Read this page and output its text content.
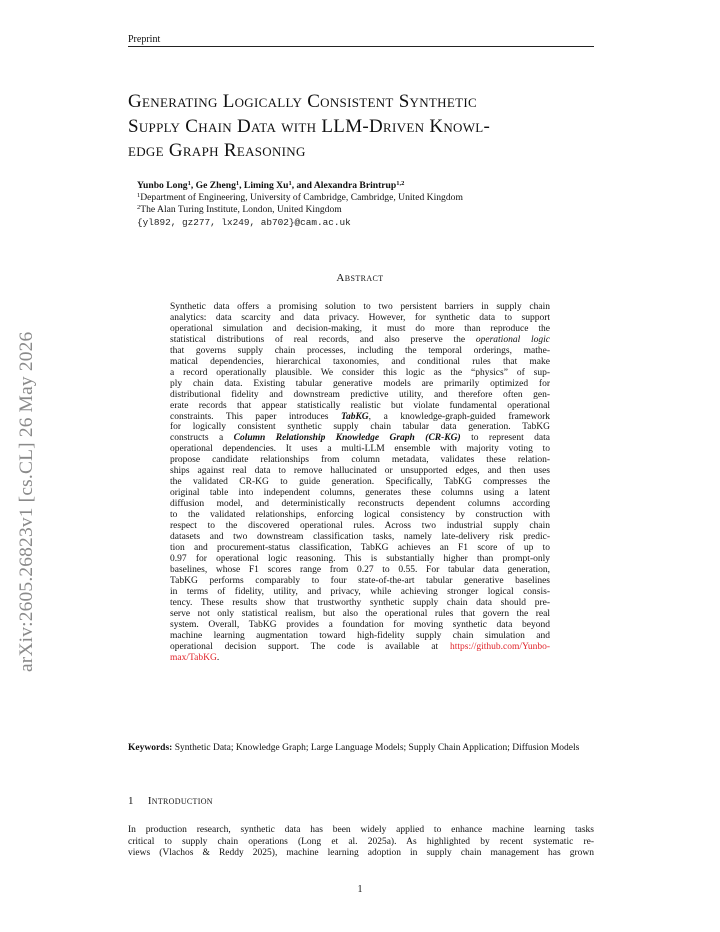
Preprint
arXiv:2605.26823v1 [cs.CL] 26 May 2026
Generating Logically Consistent Synthetic
Supply Chain Data with LLM-Driven Knowl-
edge Graph Reasoning
Yunbo Long$^1$, Ge Zheng$^1$, Liming Xu$^1$, and Alexandra Brintrup$^{1,2}$
$^1$Department of Engineering, University of Cambridge, Cambridge, United Kingdom
$^2$The Alan Turing Institute, London, United Kingdom
{yl892, gz277, lx249, ab702}@cam.ac.uk
Abstract
Synthetic data offers a promising solution to two persistent barriers in supply chain
analytics: data scarcity and data privacy. However, for synthetic data to support
operational simulation and decision-making, it must do more than reproduce the
statistical distributions of real records, and also preserve the operational logic
that governs supply chain processes, including the temporal orderings, mathe-
matical dependencies, hierarchical taxonomies, and conditional rules that make
a record operationally plausible. We consider this logic as the “physics” of sup-
ply chain data. Existing tabular generative models are primarily optimized for
distributional fidelity and downstream predictive utility, and therefore often gen-
erate records that appear statistically realistic but violate fundamental operational
constraints. This paper introduces TabKG, a knowledge-graph-guided framework
for logically consistent synthetic supply chain tabular data generation. TabKG
constructs a Column Relationship Knowledge Graph (CR-KG) to represent data
operational dependencies. It uses a multi-LLM ensemble with majority voting to
propose candidate relationships from column metadata, validates these relation-
ships against real data to remove hallucinated or unsupported edges, and then uses
the validated CR-KG to guide generation. Specifically, TabKG compresses the
original table into independent columns, generates these columns using a latent
diffusion model, and deterministically reconstructs dependent columns according
to the validated relationships, enforcing logical consistency by construction with
respect to the discovered operational rules. Across two industrial supply chain
datasets and two downstream classification tasks, namely late-delivery risk predic-
tion and procurement-status classification, TabKG achieves an F1 score of up to
0.97 for operational logic reasoning. This is substantially higher than prompt-only
baselines, whose F1 scores range from 0.27 to 0.55. For tabular data generation,
TabKG performs comparably to four state-of-the-art tabular generative baselines
in terms of fidelity, utility, and privacy, while achieving stronger logical consis-
tency. These results show that trustworthy synthetic supply chain data should pre-
serve not only statistical realism, but also the operational rules that govern the real
system. Overall, TabKG provides a foundation for moving synthetic data beyond
machine learning augmentation toward high-fidelity supply chain simulation and
operational decision support. The code is available at https://github.com/Yunbo-
max/TabKG.
Keywords: Synthetic Data; Knowledge Graph; Large Language Models; Supply Chain Application; Diffusion Models
1 Introduction
In production research, synthetic data has been widely applied to enhance machine learning tasks
critical to supply chain operations (Long et al. 2025a). As highlighted by recent systematic re-
views (Vlachos & Reddy 2025), machine learning adoption in supply chain management has grown
1
